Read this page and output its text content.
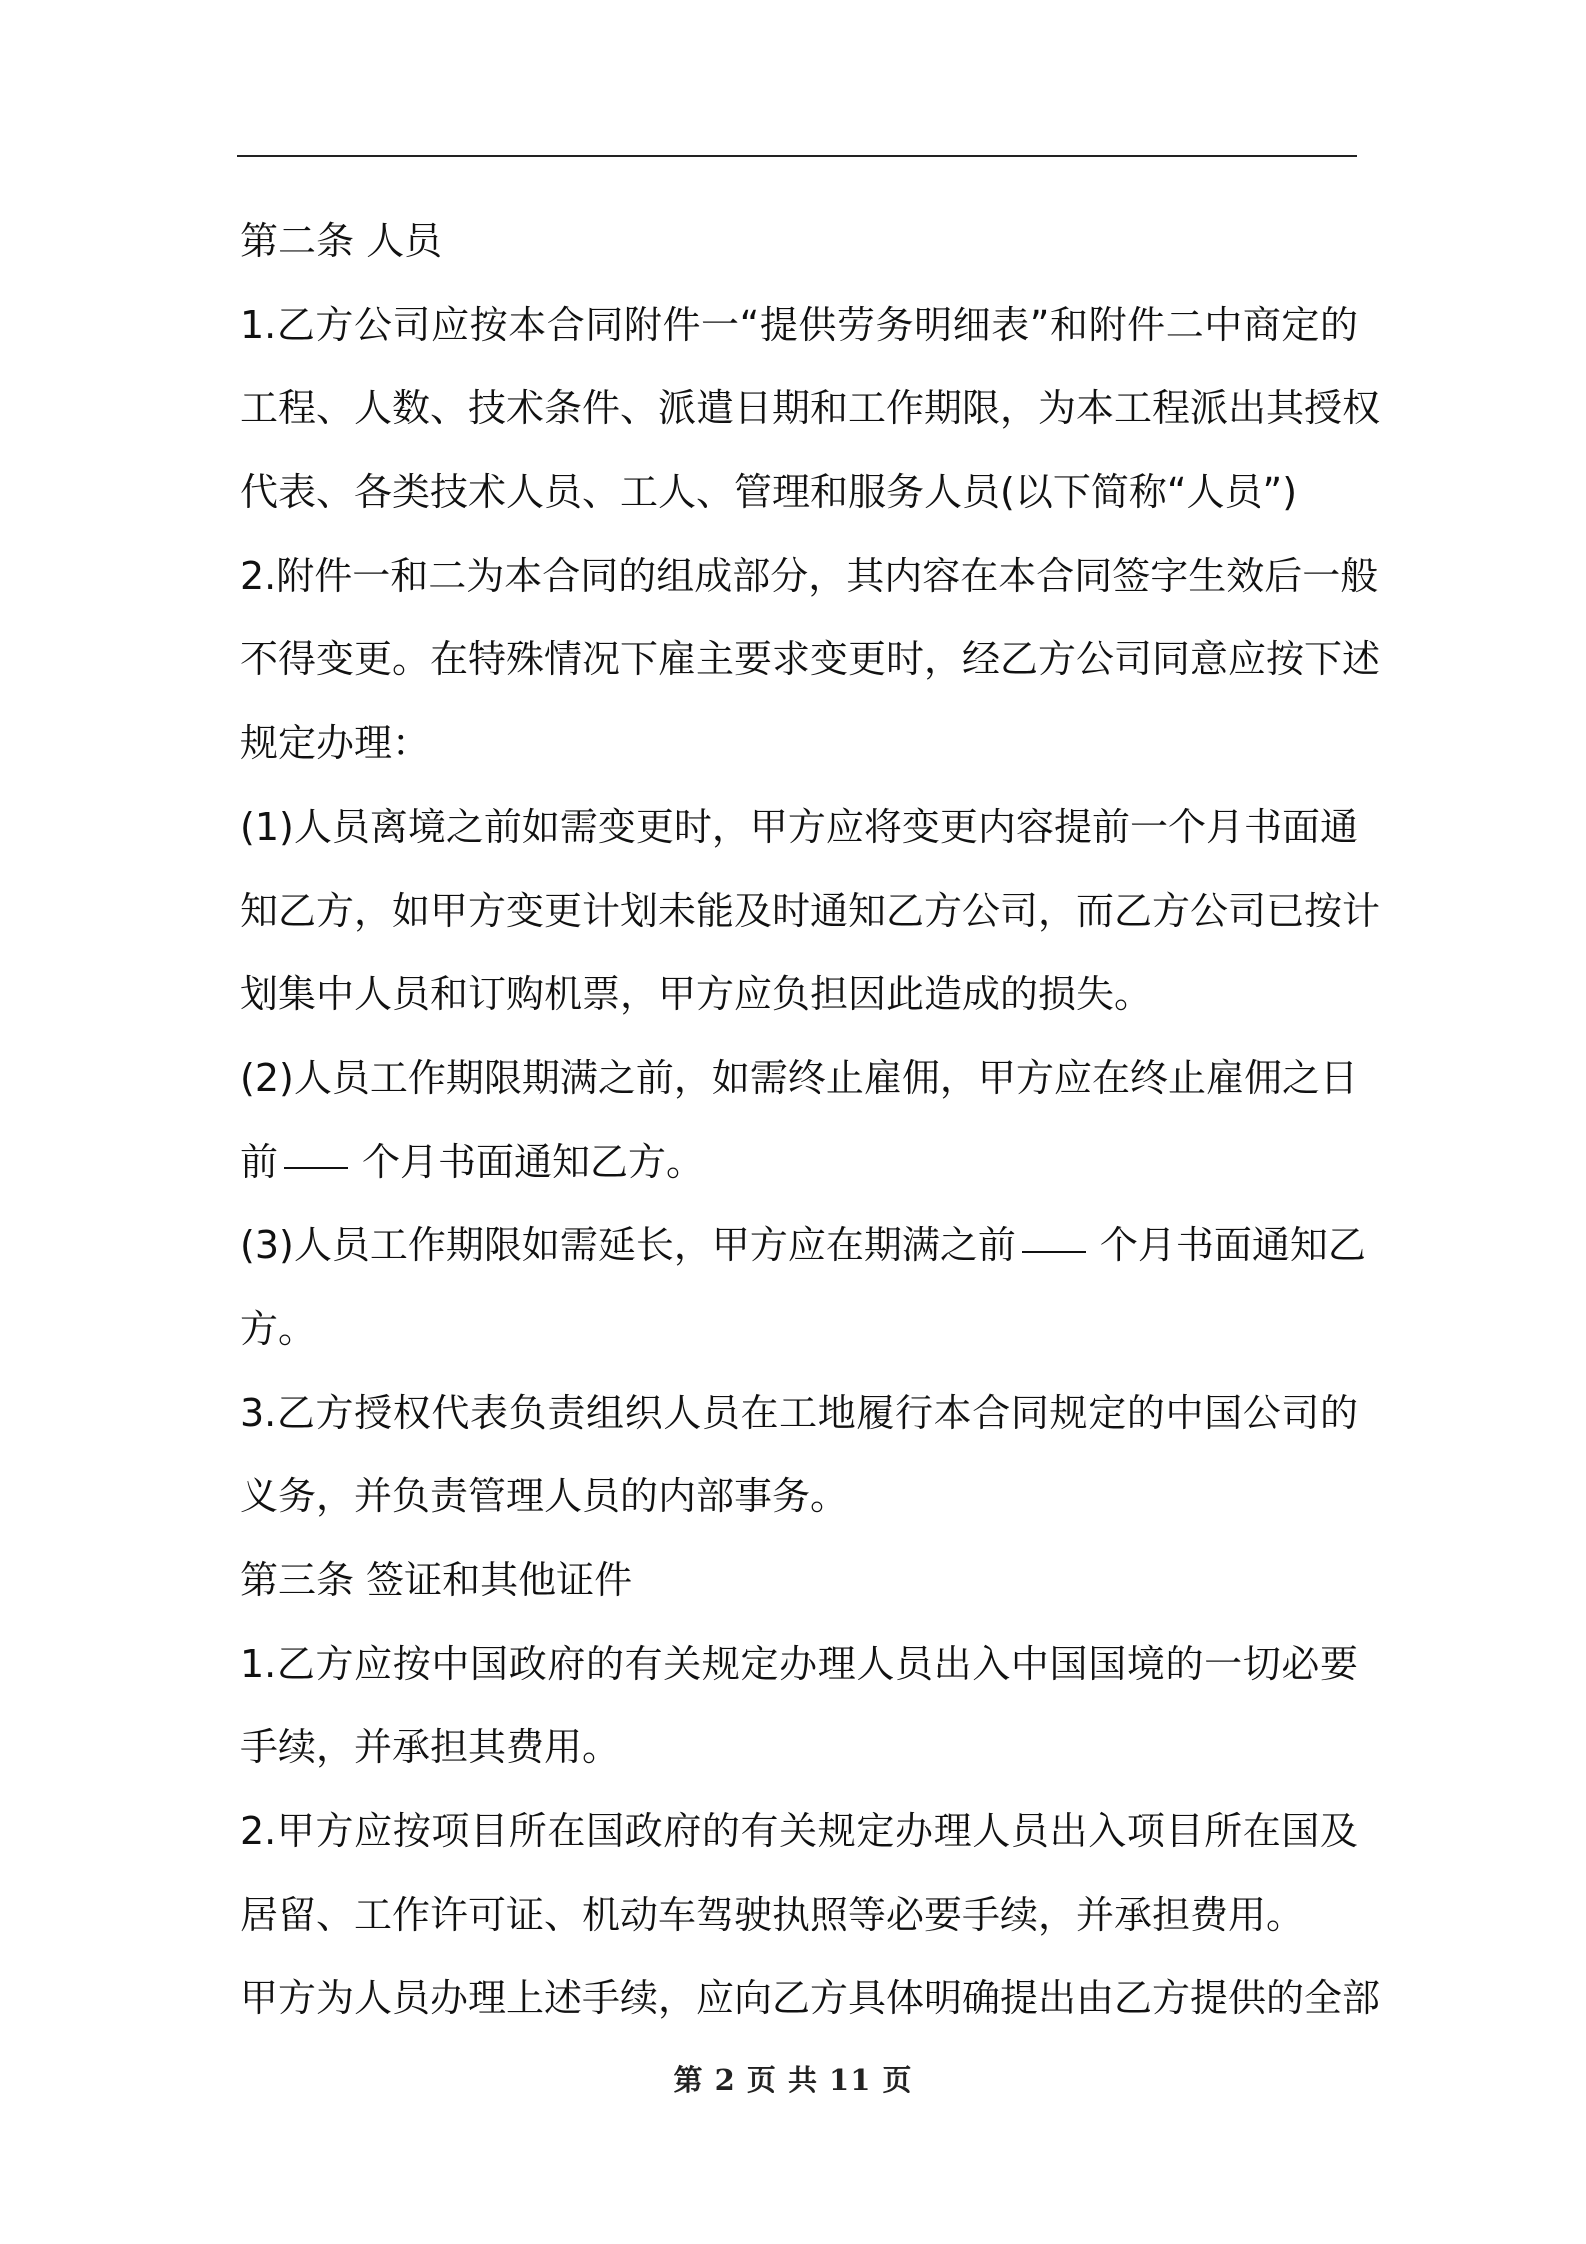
第二条 人员
1.乙方公司应按本合同附件一“提供劳务明细表”和附件二中商定的
工程、人数、技术条件、派遣日期和工作期限，为本工程派出其授权
代表、各类技术人员、工人、管理和服务人员(以下简称“人员”)
2.附件一和二为本合同的组成部分，其内容在本合同签字生效后一般
不得变更。在特殊情况下雇主要求变更时，经乙方公司同意应按下述
规定办理：
(1)人员离境之前如需变更时，甲方应将变更内容提前一个月书面通
知乙方，如甲方变更计划未能及时通知乙方公司，而乙方公司已按计
划集中人员和订购机票，甲方应负担因此造成的损失。
(2)人员工作期限期满之前，如需终止雇佣，甲方应在终止雇佣之日
前 个月书面通知乙方。
(3)人员工作期限如需延长，甲方应在期满之前 个月书面通知乙
方。
3.乙方授权代表负责组织人员在工地履行本合同规定的中国公司的
义务，并负责管理人员的内部事务。
第三条 签证和其他证件
1.乙方应按中国政府的有关规定办理人员出入中国国境的一切必要
手续，并承担其费用。
2.甲方应按项目所在国政府的有关规定办理人员出入项目所在国及
居留、工作许可证、机动车驾驶执照等必要手续，并承担费用。
甲方为人员办理上述手续，应向乙方具体明确提出由乙方提供的全部
第 2 页 共 11 页
